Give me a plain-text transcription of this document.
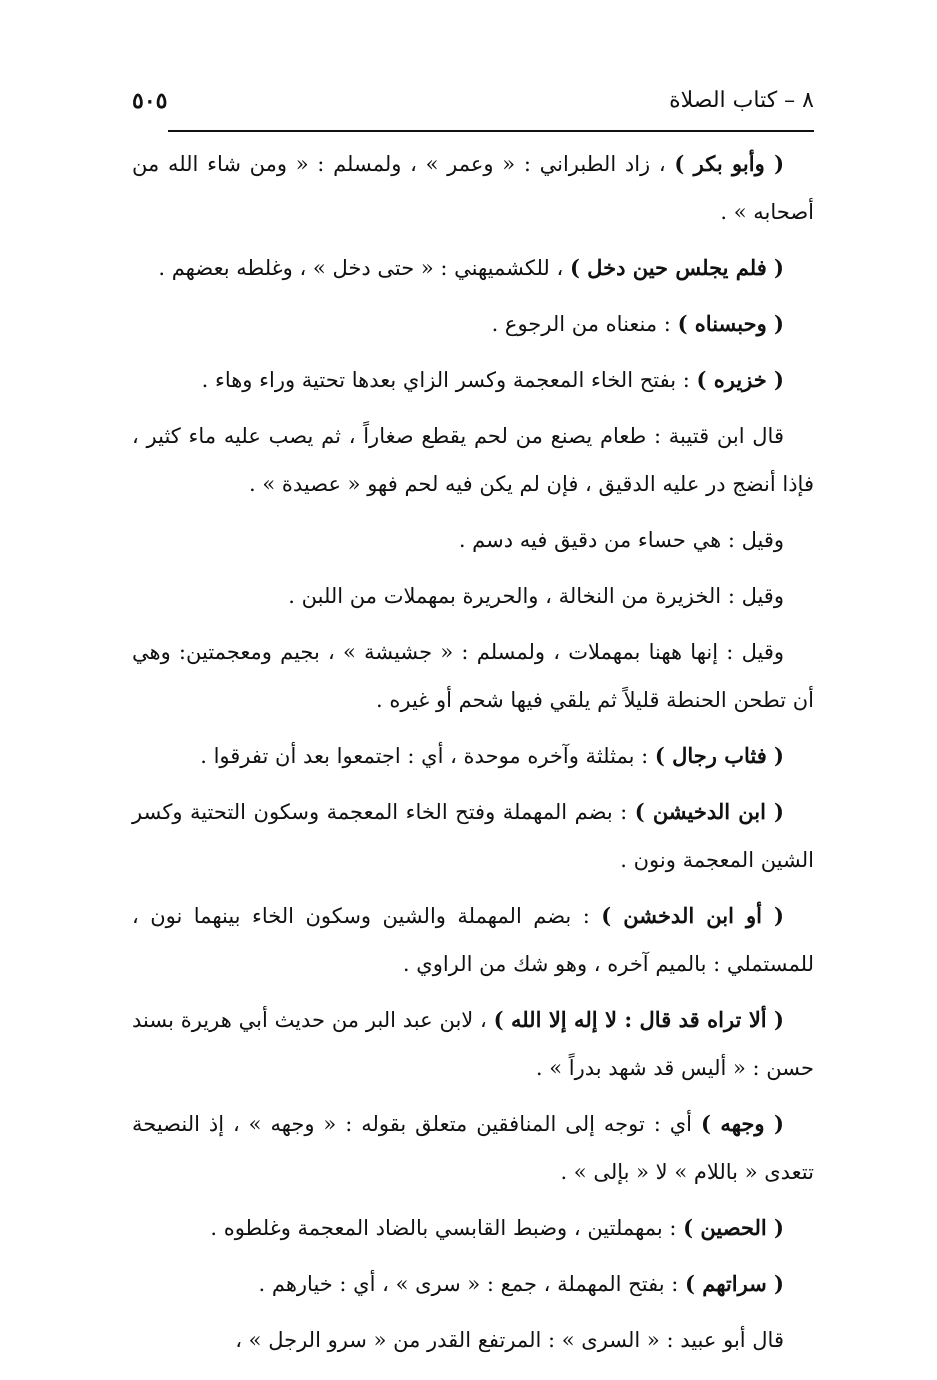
٥٠٥	٨ – كتاب الصلاة

( وأبو بكر ) ، زاد الطبراني : « وعمر » ، ولمسلم : « ومن شاء الله من أصحابه » .

( فلم يجلس حين دخل ) ، للكشميهني : « حتى دخل » ، وغلطه بعضهم .

( وحبسناه ) : منعناه من الرجوع .

( خزيره ) : بفتح الخاء المعجمة وكسر الزاي بعدها تحتية وراء وهاء .

قال ابن قتيبة : طعام يصنع من لحم يقطع صغاراً ، ثم يصب عليه ماء كثير ، فإذا أنضج در عليه الدقيق ، فإن لم يكن فيه لحم فهو « عصيدة » .

وقيل : هي حساء من دقيق فيه دسم .

وقيل : الخزيرة من النخالة ، والحريرة بمهملات من اللبن .

وقيل : إنها ههنا بمهملات ، ولمسلم : « جشيشة » ، بجيم ومعجمتين: وهي أن تطحن الحنطة قليلاً ثم يلقي فيها شحم أو غيره .

( فثاب رجال ) : بمثلثة وآخره موحدة ، أي : اجتمعوا بعد أن تفرقوا .

( ابن الدخيشن ) : بضم المهملة وفتح الخاء المعجمة وسكون التحتية وكسر الشين المعجمة ونون .

( أو ابن الدخشن ) : بضم المهملة والشين وسكون الخاء بينهما نون ، للمستملي : بالميم آخره ، وهو شك من الراوي .

( ألا تراه قد قال : لا إله إلا الله ) ، لابن عبد البر من حديث أبي هريرة بسند حسن : « أليس قد شهد بدراً » .

( وجهه ) أي : توجه إلى المنافقين متعلق بقوله : « وجهه » ، إذ النصيحة تتعدى « باللام » لا « بإلى » .

( الحصين ) : بمهملتين ، وضبط القابسي بالضاد المعجمة وغلطوه .

( سراتهم ) : بفتح المهملة ، جمع : « سرى » ، أي : خيارهم .

قال أبو عبيد : « السرى » : المرتفع القدر من « سرو الرجل » ،
